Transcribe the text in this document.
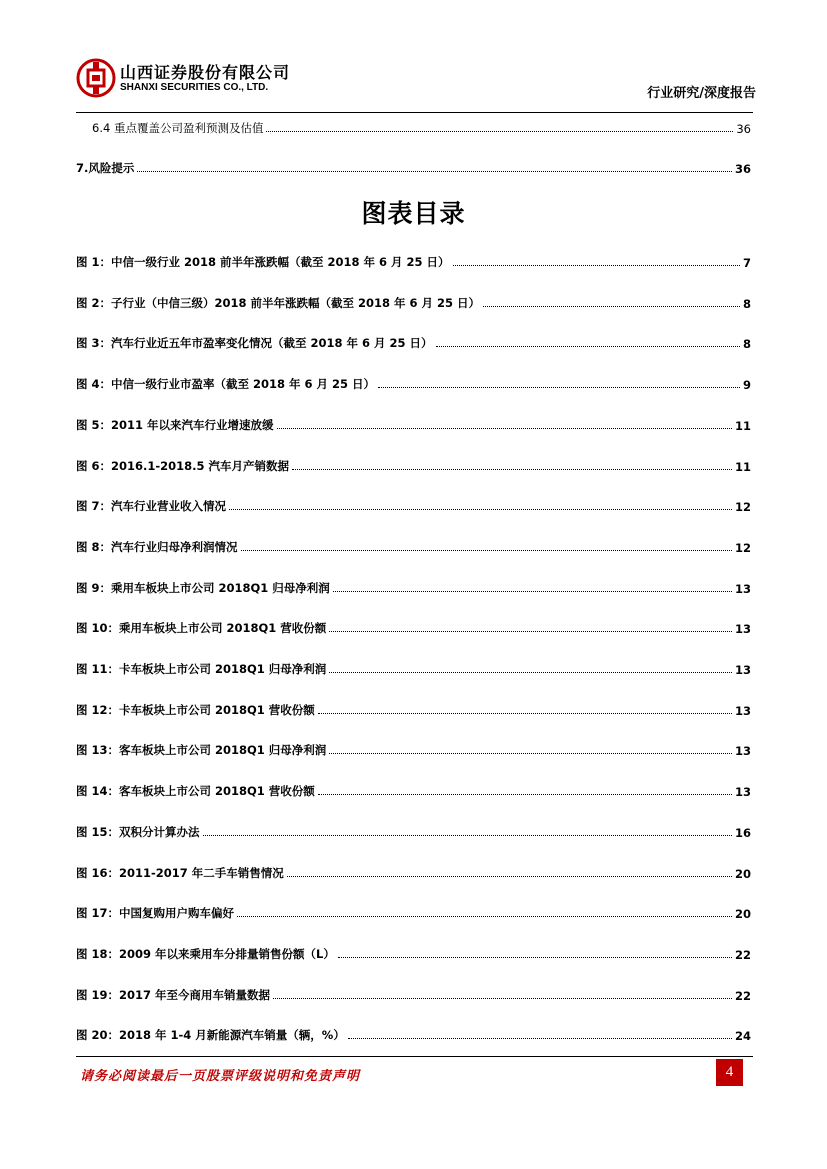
山西证券股份有限公司
SHANXI SECURITIES CO., LTD.	行业研究/深度报告
6.4 重点覆盖公司盈利预测及估值	36
7.风险提示	36
图表目录
图 1：中信一级行业 2018 前半年涨跌幅（截至 2018 年 6 月 25 日）	7
图 2：子行业（中信三级）2018 前半年涨跌幅（截至 2018 年 6 月 25 日）	8
图 3：汽车行业近五年市盈率变化情况（截至 2018 年 6 月 25 日）	8
图 4：中信一级行业市盈率（截至 2018 年 6 月 25 日）	9
图 5：2011 年以来汽车行业增速放缓	11
图 6：2016.1-2018.5 汽车月产销数据	11
图 7：汽车行业营业收入情况	12
图 8：汽车行业归母净利润情况	12
图 9：乘用车板块上市公司 2018Q1 归母净利润	13
图 10：乘用车板块上市公司 2018Q1 营收份额	13
图 11：卡车板块上市公司 2018Q1 归母净利润	13
图 12：卡车板块上市公司 2018Q1 营收份额	13
图 13：客车板块上市公司 2018Q1 归母净利润	13
图 14：客车板块上市公司 2018Q1 营收份额	13
图 15：双积分计算办法	16
图 16：2011-2017 年二手车销售情况	20
图 17：中国复购用户购车偏好	20
图 18：2009 年以来乘用车分排量销售份额（L）	22
图 19：2017 年至今商用车销量数据	22
图 20：2018 年 1-4 月新能源汽车销量（辆，%）	24
请务必阅读最后一页股票评级说明和免责声明	4
